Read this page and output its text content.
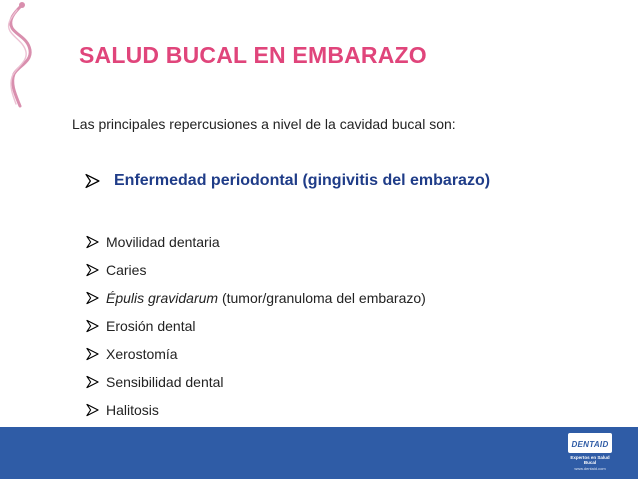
SALUD BUCAL EN EMBARAZO

Las principales repercusiones a nivel de la cavidad bucal son:

Enfermedad periodontal (gingivitis del embarazo)
Movilidad dentaria
Caries
Épulis gravidarum (tumor/granuloma del embarazo)
Erosión dental
Xerostomía
Sensibilidad dental
Halitosis
DENTAID
Expertos en Salud Bucal
www.dentaid.com
